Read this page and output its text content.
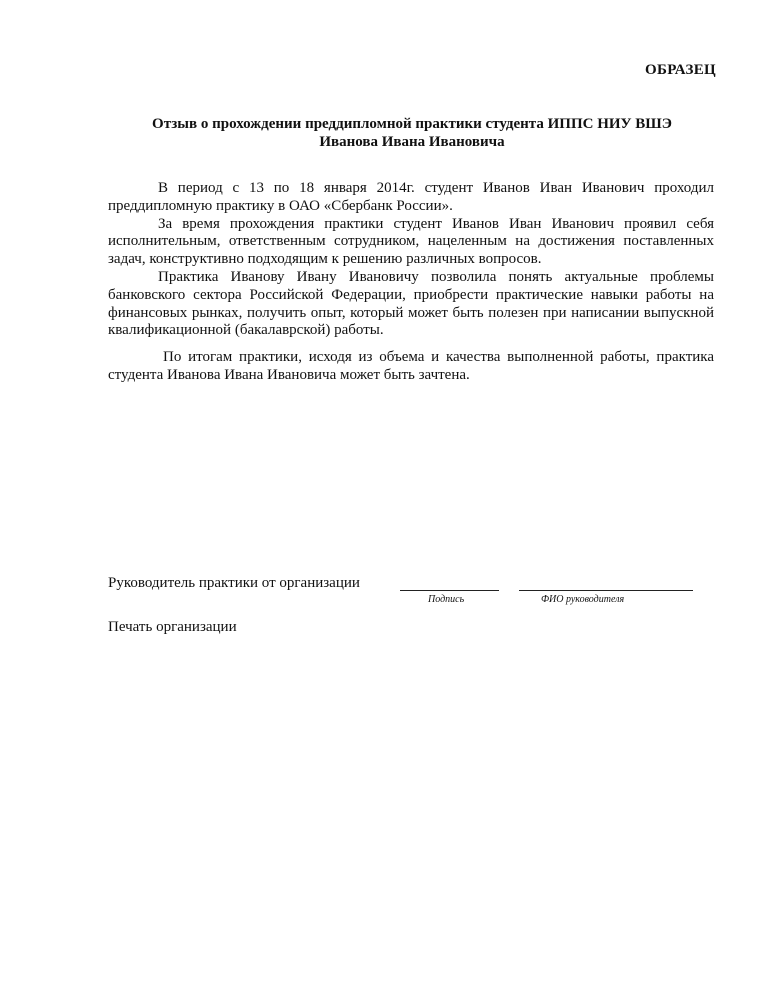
ОБРАЗЕЦ
Отзыв о прохождении преддипломной практики студента ИППС НИУ ВШЭ
Иванова Ивана Ивановича

В период с 13 по 18 января 2014г. студент Иванов Иван Иванович проходил преддипломную практику в ОАО «Сбербанк России».

За время прохождения практики студент Иванов Иван Иванович проявил себя исполнительным, ответственным сотрудником, нацеленным на достижения поставленных задач, конструктивно подходящим к решению различных вопросов.

Практика Иванову Ивану Ивановичу позволила понять актуальные проблемы банковского сектора Российской Федерации, приобрести практические навыки работы на финансовых рынках, получить опыт, который может быть полезен при написании выпускной квалификационной (бакалаврской) работы.

По итогам практики, исходя из объема и качества выполненной работы, практика студента Иванова Ивана Ивановича может быть зачтена.

Руководитель практики от организации
Подпись	ФИО руководителя
Печать организации
